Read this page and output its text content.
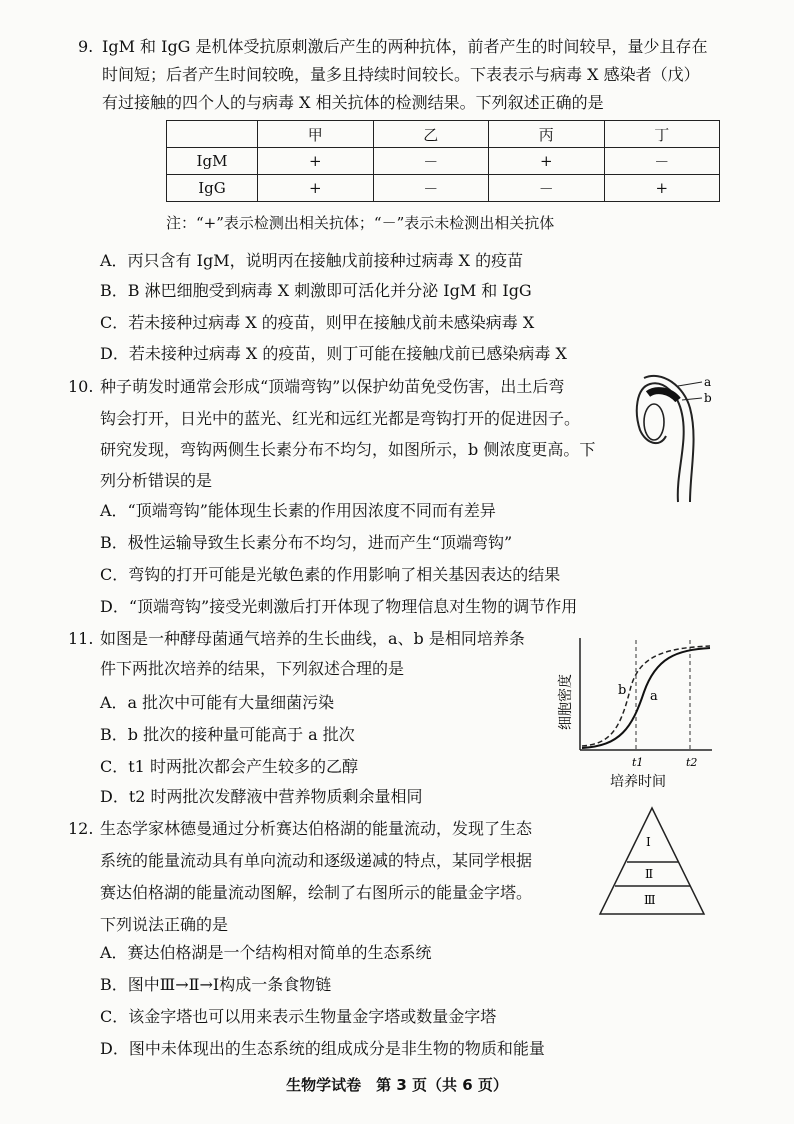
9. IgM 和 IgG 是机体受抗原刺激后产生的两种抗体，前者产生的时间较早，量少且存在
时间短；后者产生时间较晚，量多且持续时间较长。下表表示与病毒 X 感染者（戊）
有过接触的四个人的与病毒 X 相关抗体的检测结果。下列叙述正确的是
	甲	乙	丙	丁
IgM	+	－	+	－
IgG	+	－	－	+
注：“+”表示检测出相关抗体；“－”表示未检测出相关抗体
A．丙只含有 IgM，说明丙在接触戊前接种过病毒 X 的疫苗
B．B 淋巴细胞受到病毒 X 刺激即可活化并分泌 IgM 和 IgG
C．若未接种过病毒 X 的疫苗，则甲在接触戊前未感染病毒 X
D．若未接种过病毒 X 的疫苗，则丁可能在接触戊前已感染病毒 X
10. 种子萌发时通常会形成“顶端弯钩”以保护幼苗免受伤害，出土后弯
钩会打开，日光中的蓝光、红光和远红光都是弯钩打开的促进因子。
研究发现，弯钩两侧生长素分布不均匀，如图所示，b 侧浓度更高。下
列分析错误的是
a
b
A．“顶端弯钩”能体现生长素的作用因浓度不同而有差异
B．极性运输导致生长素分布不均匀，进而产生“顶端弯钩”
C．弯钩的打开可能是光敏色素的作用影响了相关基因表达的结果
D．“顶端弯钩”接受光刺激后打开体现了物理信息对生物的调节作用
11. 如图是一种酵母菌通气培养的生长曲线，a、b 是相同培养条
件下两批次培养的结果，下列叙述合理的是
b a
t1	t2
培养时间
细胞密度
A．a 批次中可能有大量细菌污染
B．b 批次的接种量可能高于 a 批次
C．t1 时两批次都会产生较多的乙醇
D．t2 时两批次发酵液中营养物质剩余量相同
12. 生态学家林德曼通过分析赛达伯格湖的能量流动，发现了生态
系统的能量流动具有单向流动和逐级递减的特点，某同学根据
赛达伯格湖的能量流动图解，绘制了右图所示的能量金字塔。
下列说法正确的是
Ⅰ
Ⅱ
Ⅲ
A．赛达伯格湖是一个结构相对简单的生态系统
B．图中Ⅲ→Ⅱ→Ⅰ构成一条食物链
C．该金字塔也可以用来表示生物量金字塔或数量金字塔
D．图中未体现出的生态系统的组成成分是非生物的物质和能量
生物学试卷　第 3 页（共 6 页）
